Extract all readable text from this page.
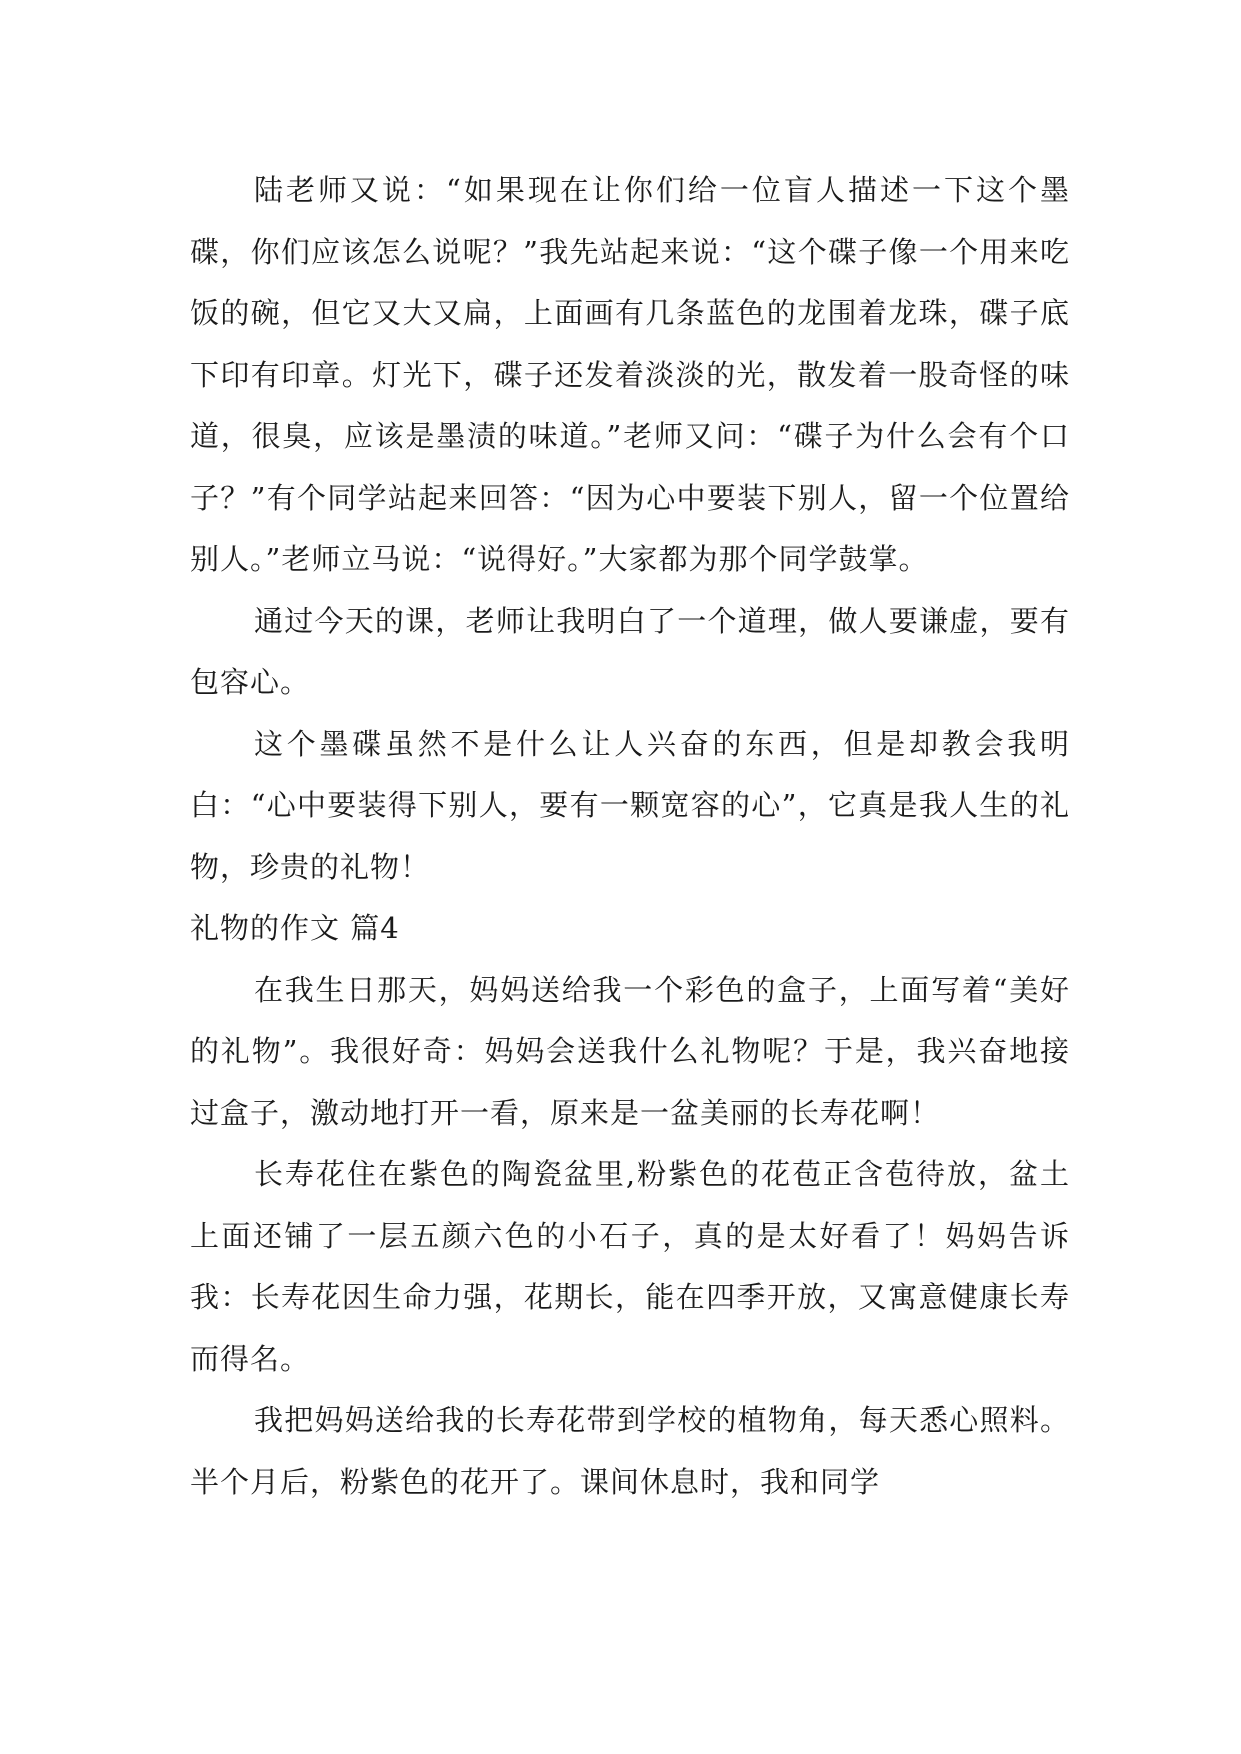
陆老师又说：“如果现在让你们给一位盲人描述一下这个墨碟，你们应该怎么说呢？”我先站起来说：“这个碟子像一个用来吃饭的碗，但它又大又扁，上面画有几条蓝色的龙围着龙珠，碟子底下印有印章。灯光下，碟子还发着淡淡的光，散发着一股奇怪的味道，很臭，应该是墨渍的味道。”老师又问：“碟子为什么会有个口子？”有个同学站起来回答：“因为心中要装下别人，留一个位置给别人。”老师立马说：“说得好。”大家都为那个同学鼓掌。

通过今天的课，老师让我明白了一个道理，做人要谦虚，要有包容心。

这个墨碟虽然不是什么让人兴奋的东西，但是却教会我明白：“心中要装得下别人，要有一颗宽容的心”，它真是我人生的礼物，珍贵的礼物！

礼物的作文 篇4

在我生日那天，妈妈送给我一个彩色的盒子，上面写着“美好的礼物”。我很好奇：妈妈会送我什么礼物呢？于是，我兴奋地接过盒子，激动地打开一看，原来是一盆美丽的长寿花啊！

长寿花住在紫色的陶瓷盆里,粉紫色的花苞正含苞待放，盆土上面还铺了一层五颜六色的小石子，真的是太好看了！妈妈告诉我：长寿花因生命力强，花期长，能在四季开放，又寓意健康长寿而得名。

我把妈妈送给我的长寿花带到学校的植物角，每天悉心照料。半个月后，粉紫色的花开了。课间休息时，我和同学
